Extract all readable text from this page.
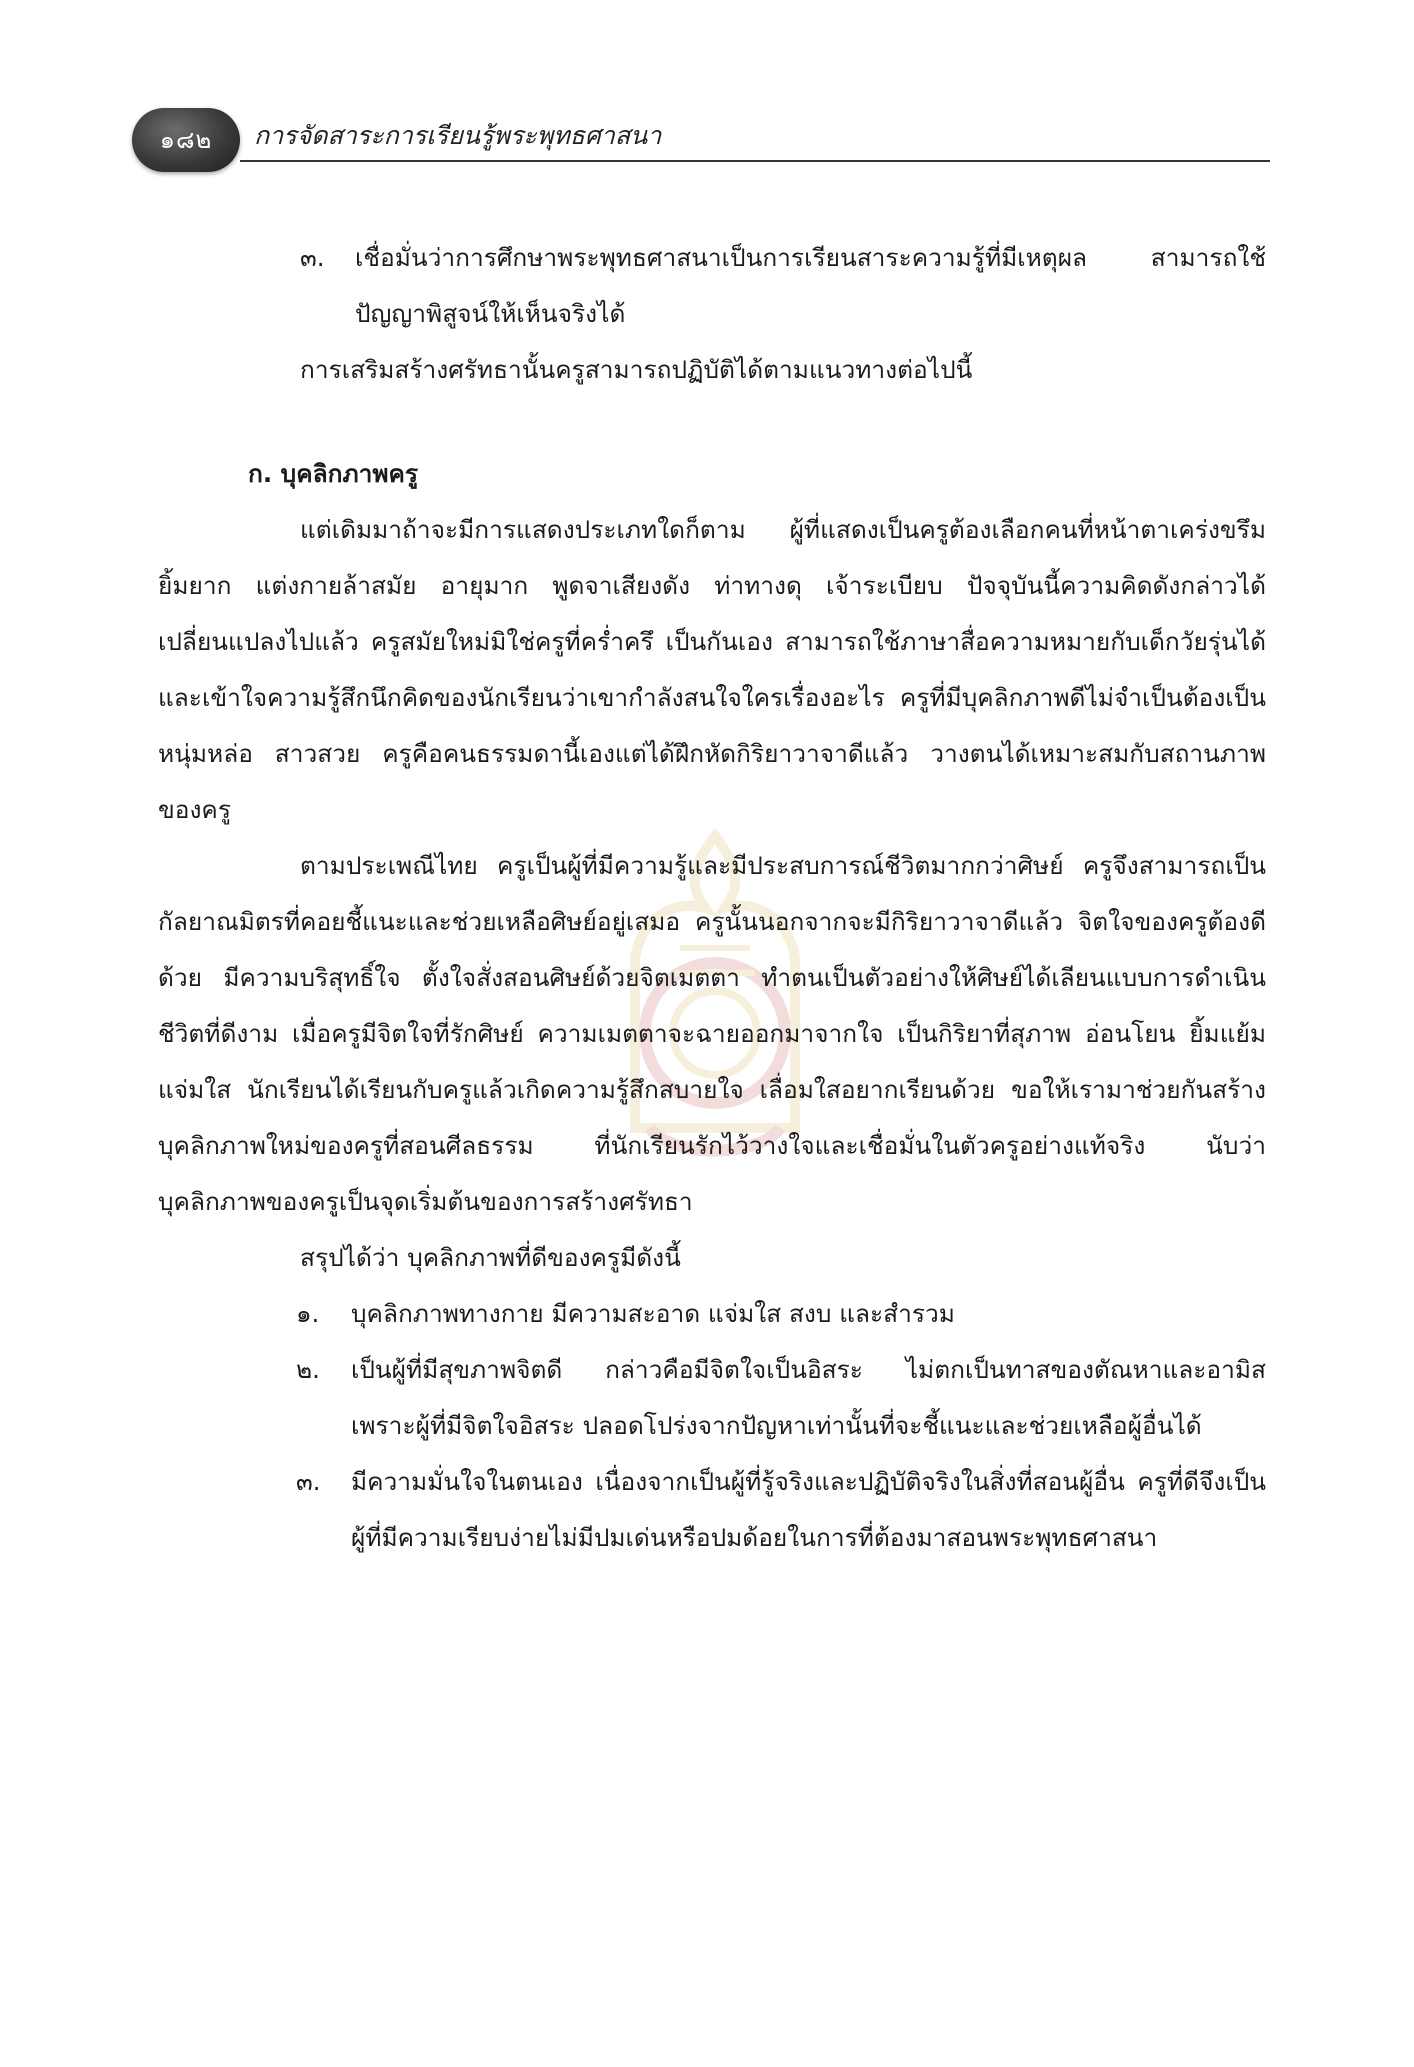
๑๘๒	การจัดสาระการเรียนรู้พระพุทธศาสนา
๓.	เชื่อมั่นว่าการศึกษาพระพุทธศาสนาเป็นการเรียนสาระความรู้ที่มีเหตุผล สามารถใช้ปัญญาพิสูจน์ให้เห็นจริงได้

การเสริมสร้างศรัทธานั้นครูสามารถปฏิบัติได้ตามแนวทางต่อไปนี้

ก. บุคลิกภาพครู

แต่เดิมมาถ้าจะมีการแสดงประเภทใดก็ตาม ผู้ที่แสดงเป็นครูต้องเลือกคนที่หน้าตาเคร่งขรึม ยิ้มยาก แต่งกายล้าสมัย อายุมาก พูดจาเสียงดัง ท่าทางดุ เจ้าระเบียบ ปัจจุบันนี้ความคิดดังกล่าวได้เปลี่ยนแปลงไปแล้ว ครูสมัยใหม่มิใช่ครูที่คร่ำครึ เป็นกันเอง สามารถใช้ภาษาสื่อความหมายกับเด็กวัยรุ่นได้ และเข้าใจความรู้สึกนึกคิดของนักเรียนว่าเขากำลังสนใจใครเรื่องอะไร ครูที่มีบุคลิกภาพดีไม่จำเป็นต้องเป็นหนุ่มหล่อ สาวสวย ครูคือคนธรรมดานี้เองแต่ได้ฝึกหัดกิริยาวาจาดีแล้ว วางตนได้เหมาะสมกับสถานภาพของครู

ตามประเพณีไทย ครูเป็นผู้ที่มีความรู้และมีประสบการณ์ชีวิตมากกว่าศิษย์ ครูจึงสามารถเป็นกัลยาณมิตรที่คอยชี้แนะและช่วยเหลือศิษย์อยู่เสมอ ครูนั้นนอกจากจะมีกิริยาวาจาดีแล้ว จิตใจของครูต้องดีด้วย มีความบริสุทธิ์ใจ ตั้งใจสั่งสอนศิษย์ด้วยจิตเมตตา ทำตนเป็นตัวอย่างให้ศิษย์ได้เลียนแบบการดำเนินชีวิตที่ดีงาม เมื่อครูมีจิตใจที่รักศิษย์ ความเมตตาจะฉายออกมาจากใจ เป็นกิริยาที่สุภาพ อ่อนโยน ยิ้มแย้มแจ่มใส นักเรียนได้เรียนกับครูแล้วเกิดความรู้สึกสบายใจ เลื่อมใสอยากเรียนด้วย ขอให้เรามาช่วยกันสร้างบุคลิกภาพใหม่ของครูที่สอนศีลธรรม ที่นักเรียนรักไว้วางใจและเชื่อมั่นในตัวครูอย่างแท้จริง นับว่าบุคลิกภาพของครูเป็นจุดเริ่มต้นของการสร้างศรัทธา

สรุปได้ว่า บุคลิกภาพที่ดีของครูมีดังนี้

๑.	บุคลิกภาพทางกาย มีความสะอาด แจ่มใส สงบ และสำรวม
๒.	เป็นผู้ที่มีสุขภาพจิตดี กล่าวคือมีจิตใจเป็นอิสระ ไม่ตกเป็นทาสของตัณหาและอามิส เพราะผู้ที่มีจิตใจอิสระ ปลอดโปร่งจากปัญหาเท่านั้นที่จะชี้แนะและช่วยเหลือผู้อื่นได้
๓.	มีความมั่นใจในตนเอง เนื่องจากเป็นผู้ที่รู้จริงและปฏิบัติจริงในสิ่งที่สอนผู้อื่น ครูที่ดีจึงเป็นผู้ที่มีความเรียบง่ายไม่มีปมเด่นหรือปมด้อยในการที่ต้องมาสอนพระพุทธศาสนา
